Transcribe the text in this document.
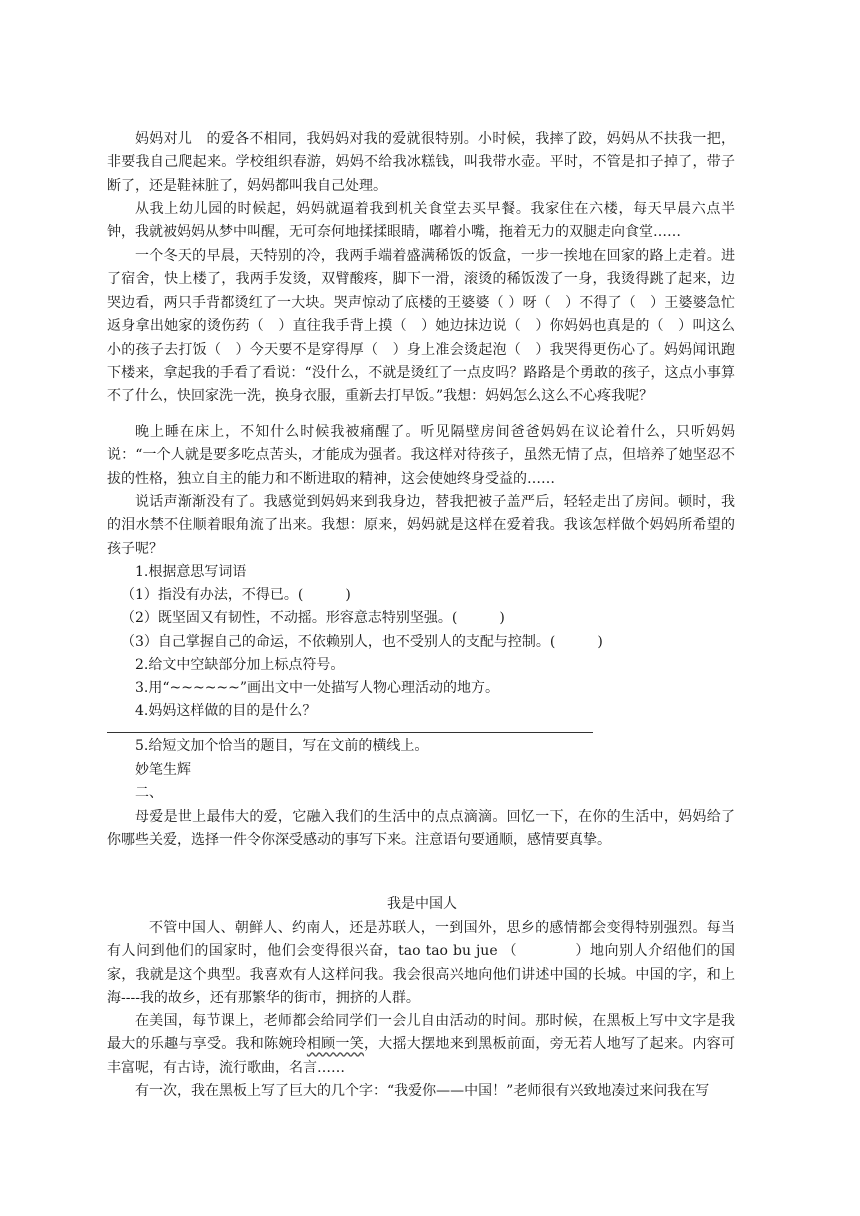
妈妈对儿　的爱各不相同，我妈妈对我的爱就很特别。小时候，我摔了跤，妈妈从不扶我一把，非要我自己爬起来。学校组织春游，妈妈不给我冰糕钱，叫我带水壶。平时，不管是扣子掉了，带子断了，还是鞋袜脏了，妈妈都叫我自己处理。

从我上幼儿园的时候起，妈妈就逼着我到机关食堂去买早餐。我家住在六楼，每天早晨六点半钟，我就被妈妈从梦中叫醒，无可奈何地揉揉眼睛，嘟着小嘴，拖着无力的双腿走向食堂……

一个冬天的早晨，天特别的冷，我两手端着盛满稀饭的饭盒，一步一挨地在回家的路上走着。进了宿舍，快上楼了，我两手发烫，双臂酸疼，脚下一滑，滚烫的稀饭泼了一身，我烫得跳了起来，边哭边看，两只手背都烫红了一大块。哭声惊动了底楼的王婆婆（ ）呀（　）不得了（　）王婆婆急忙返身拿出她家的烫伤药（　）直往我手背上摸（　）她边抹边说（　）你妈妈也真是的（　）叫这么小的孩子去打饭（　）今天要不是穿得厚（　）身上准会烫起泡（　）我哭得更伤心了。妈妈闻讯跑下楼来，拿起我的手看了看说：“没什么，不就是烫红了一点皮吗？路路是个勇敢的孩子，这点小事算不了什么，快回家洗一洗，换身衣服，重新去打早饭。”我想：妈妈怎么这么不心疼我呢？

晚上睡在床上，不知什么时候我被痛醒了。听见隔壁房间爸爸妈妈在议论着什么，只听妈妈说：“一个人就是要多吃点苦头，才能成为强者。我这样对待孩子，虽然无情了点，但培养了她坚忍不拔的性格，独立自主的能力和不断进取的精神，这会使她终身受益的……

说话声渐渐没有了。我感觉到妈妈来到我身边，替我把被子盖严后，轻轻走出了房间。顿时，我的泪水禁不住顺着眼角流了出来。我想：原来，妈妈就是这样在爱着我。我该怎样做个妈妈所希望的孩子呢？

1.根据意思写词语

（1）指没有办法，不得已。(　　　)

（2）既坚固又有韧性，不动摇。形容意志特别坚强。(　　　)

（3）自己掌握自己的命运，不依赖别人，也不受别人的支配与控制。(　　　)

2.给文中空缺部分加上标点符号。

3.用“~~~~~~”画出文中一处描写人物心理活动的地方。

4.妈妈这样做的目的是什么？

5.给短文加个恰当的题目，写在文前的横线上。

妙笔生辉

二、

母爱是世上最伟大的爱，它融入我们的生活中的点点滴滴。回忆一下，在你的生活中，妈妈给了你哪些关爱，选择一件令你深受感动的事写下来。注意语句要通顺，感情要真挚。

我是中国人

不管中国人、朝鲜人、约南人，还是苏联人，一到国外，思乡的感情都会变得特别强烈。每当有人问到他们的国家时，他们会变得很兴奋，tao tao bu jue （　　　　）地向别人介绍他们的国家，我就是这个典型。我喜欢有人这样问我。我会很高兴地向他们讲述中国的长城。中国的字，和上海----我的故乡，还有那繁华的街市，拥挤的人群。

在美国，每节课上，老师都会给同学们一会儿自由活动的时间。那时候，在黑板上写中文字是我最大的乐趣与享受。我和陈婉玲相顾一笑，大摇大摆地来到黑板前面，旁无若人地写了起来。内容可丰富呢，有古诗，流行歌曲，名言……

有一次，我在黑板上写了巨大的几个字：“我爱你——中国！”老师很有兴致地凑过来问我在写
